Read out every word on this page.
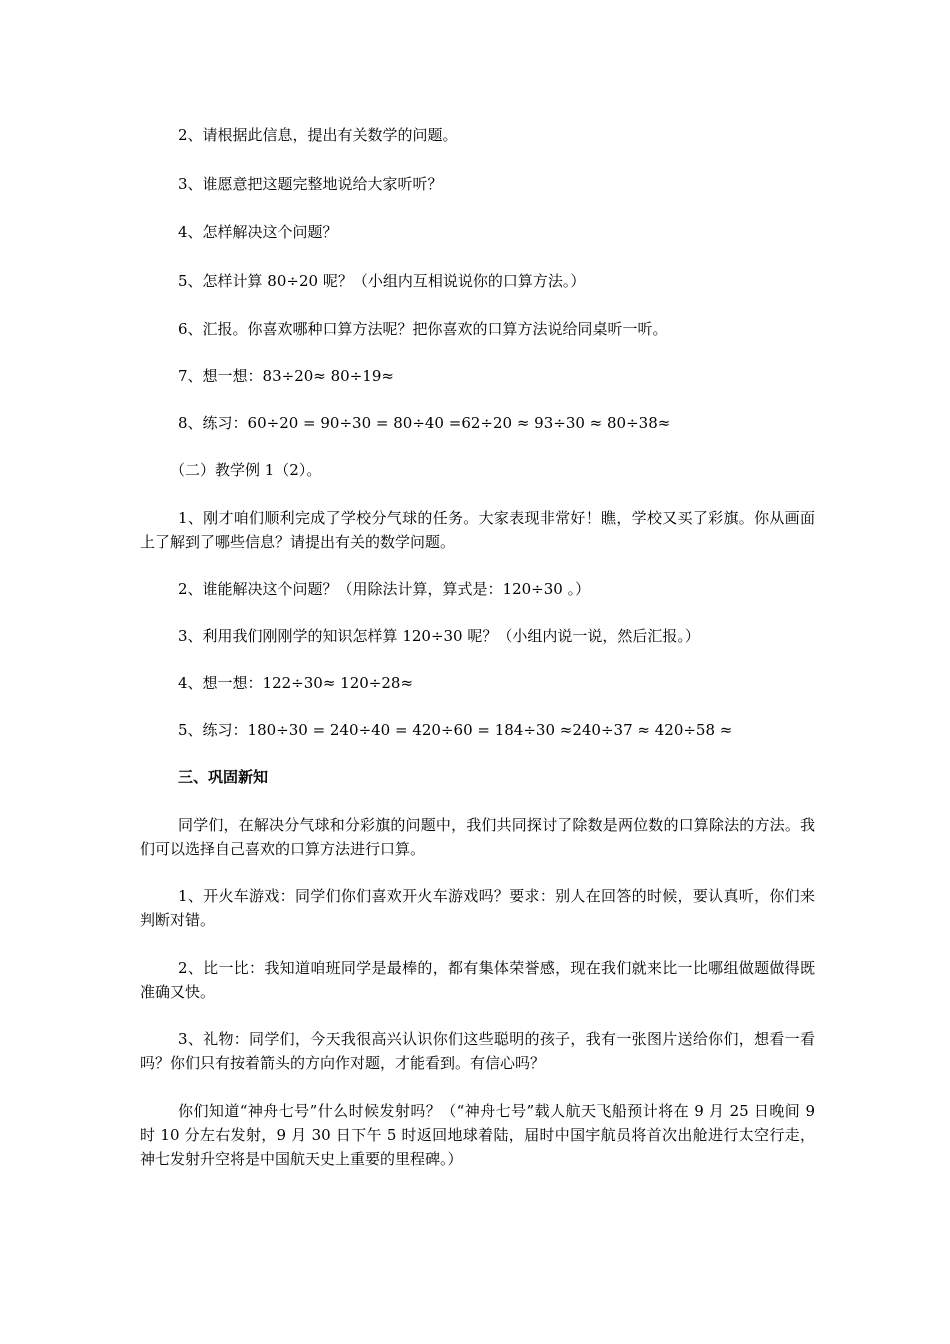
2、请根据此信息，提出有关数学的问题。
3、谁愿意把这题完整地说给大家听听？
4、怎样解决这个问题？
5、怎样计算 80÷20 呢？（小组内互相说说你的口算方法。）
6、汇报。你喜欢哪种口算方法呢？把你喜欢的口算方法说给同桌听一听。
7、想一想：83÷20≈ 80÷19≈
8、练习：60÷20 = 90÷30 = 80÷40 =62÷20 ≈ 93÷30 ≈ 80÷38≈
（二）教学例 1（2）。
1、刚才咱们顺利完成了学校分气球的任务。大家表现非常好！瞧，学校又买了彩旗。你从画面上了解到了哪些信息？请提出有关的数学问题。
2、谁能解决这个问题？（用除法计算，算式是：120÷30 。）
3、利用我们刚刚学的知识怎样算 120÷30 呢？（小组内说一说，然后汇报。）
4、想一想：122÷30≈ 120÷28≈
5、练习：180÷30 = 240÷40 = 420÷60 = 184÷30 ≈240÷37 ≈ 420÷58 ≈
三、巩固新知
同学们，在解决分气球和分彩旗的问题中，我们共同探讨了除数是两位数的口算除法的方法。我们可以选择自己喜欢的口算方法进行口算。
1、开火车游戏：同学们你们喜欢开火车游戏吗？要求：别人在回答的时候，要认真听，你们来判断对错。
2、比一比：我知道咱班同学是最棒的，都有集体荣誉感，现在我们就来比一比哪组做题做得既准确又快。
3、礼物：同学们，今天我很高兴认识你们这些聪明的孩子，我有一张图片送给你们，想看一看吗？你们只有按着箭头的方向作对题，才能看到。有信心吗？
你们知道“神舟七号”什么时候发射吗？（“神舟七号”载人航天飞船预计将在 9 月 25 日晚间 9 时 10 分左右发射，9 月 30 日下午 5 时返回地球着陆，届时中国宇航员将首次出舱进行太空行走，神七发射升空将是中国航天史上重要的里程碑。）
